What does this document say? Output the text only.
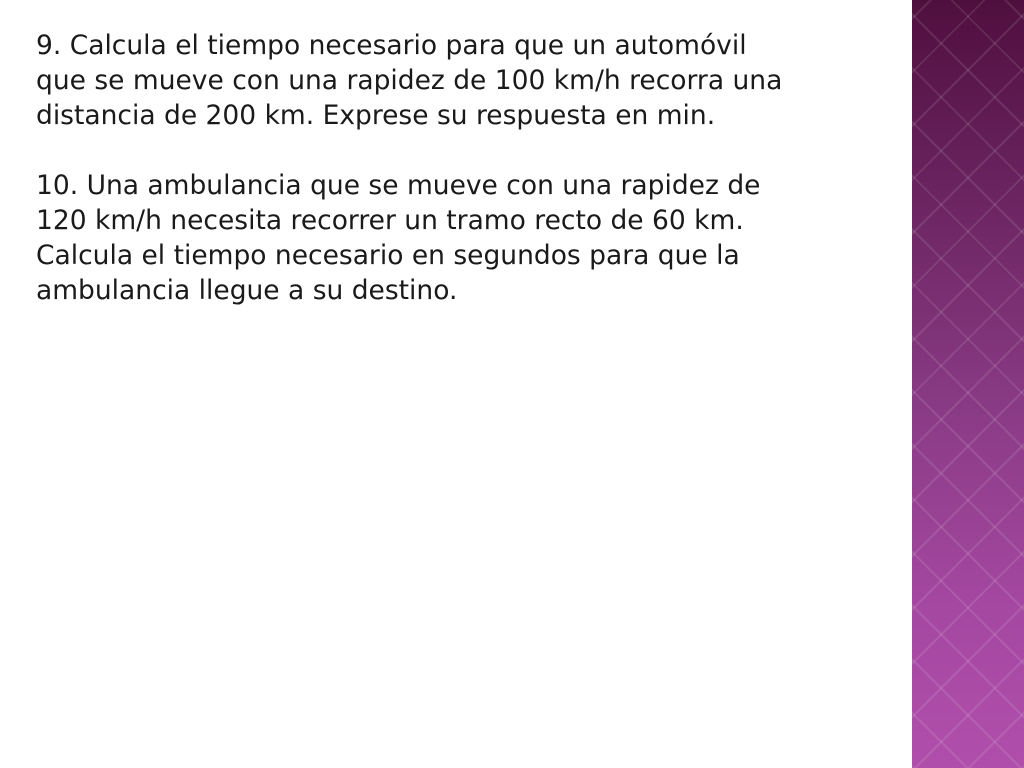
9. Calcula el tiempo necesario para que un automóvil
que se mueve con una rapidez de 100 km/h recorra una
distancia de 200 km. Exprese su respuesta en min.
10. Una ambulancia que se mueve con una rapidez de
120 km/h necesita recorrer un tramo recto de 60 km.
Calcula el tiempo necesario en segundos para que la
ambulancia llegue a su destino.
